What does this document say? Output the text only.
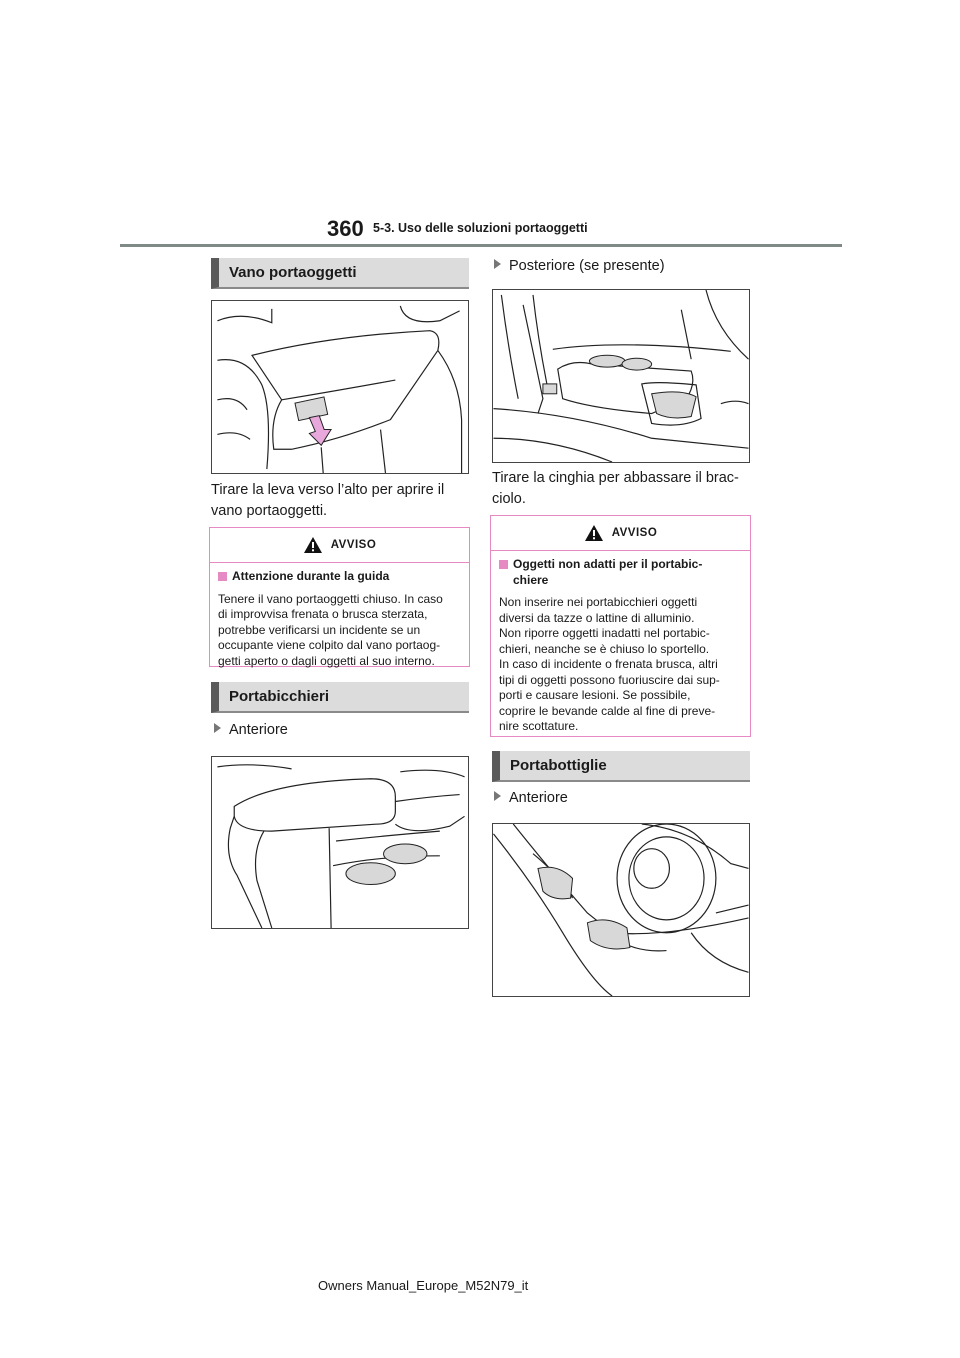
360 5-3. Uso delle soluzioni portaoggetti
Vano portaoggetti
Tirare la leva verso l’alto per aprire il
vano portaoggetti.
AVVISO
Attenzione durante la guida
Tenere il vano portaoggetti chiuso. In caso
di improvvisa frenata o brusca sterzata,
potrebbe verificarsi un incidente se un
occupante viene colpito dal vano portaog-
getti aperto o dagli oggetti al suo interno.
Portabicchieri
Anteriore
Posteriore (se presente)
Tirare la cinghia per abbassare il brac-
ciolo.
AVVISO
Oggetti non adatti per il portabic-
chiere
Non inserire nei portabicchieri oggetti
diversi da tazze o lattine di alluminio.
Non riporre oggetti inadatti nel portabic-
chieri, neanche se è chiuso lo sportello.
In caso di incidente o frenata brusca, altri
tipi di oggetti possono fuoriuscire dai sup-
porti e causare lesioni. Se possibile,
coprire le bevande calde al fine di preve-
nire scottature.
Portabottiglie
Anteriore
Owners Manual_Europe_M52N79_it
